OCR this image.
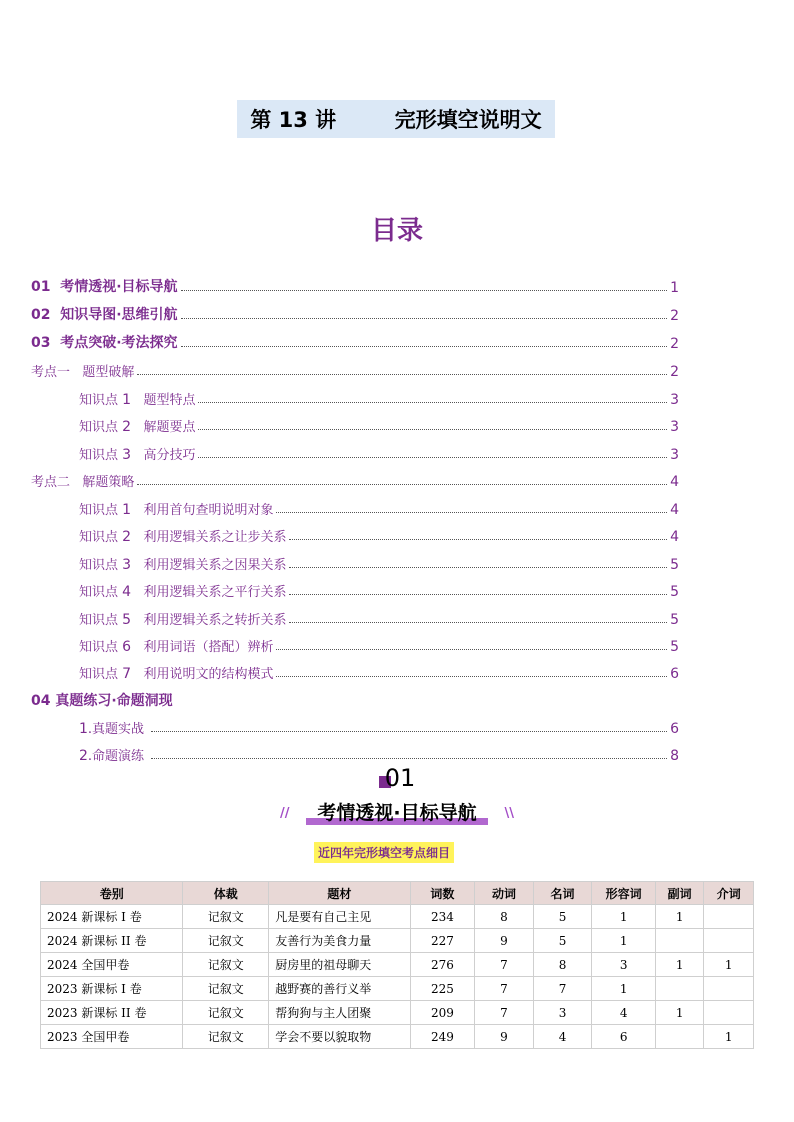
第 13 讲        完形填空说明文
目录
01  考情透视·目标导航	1
02  知识导图·思维引航	2
03  考点突破·考法探究	2
考点一   题型破解	2
知识点 1   题型特点	3
知识点 2   解题要点	3
知识点 3   高分技巧	3
考点二   解题策略	4
知识点 1   利用首句查明说明对象	4
知识点 2   利用逻辑关系之让步关系	4
知识点 3   利用逻辑关系之因果关系	5
知识点 4   利用逻辑关系之平行关系	5
知识点 5   利用逻辑关系之转折关系	5
知识点 6   利用词语（搭配）辨析	5
知识点 7   利用说明文的结构模式	6
04 真题练习·命题洞现
1.真题实战	6
2.命题演练	8
01
//	考情透视·目标导航	\\
近四年完形填空考点细目
卷别	体裁	题材	词数	动词	名词	形容词	副词	介词
2024 新课标 I 卷	记叙文	凡是要有自己主见	234	8	5	1	1	
2024 新课标 II 卷	记叙文	友善行为美食力量	227	9	5	1		
2024 全国甲卷	记叙文	厨房里的祖母聊天	276	7	8	3	1	1
2023 新课标 I 卷	记叙文	越野赛的善行义举	225	7	7	1		
2023 新课标 II 卷	记叙文	帮狗狗与主人团聚	209	7	3	4	1	
2023 全国甲卷	记叙文	学会不要以貌取物	249	9	4	6		1
